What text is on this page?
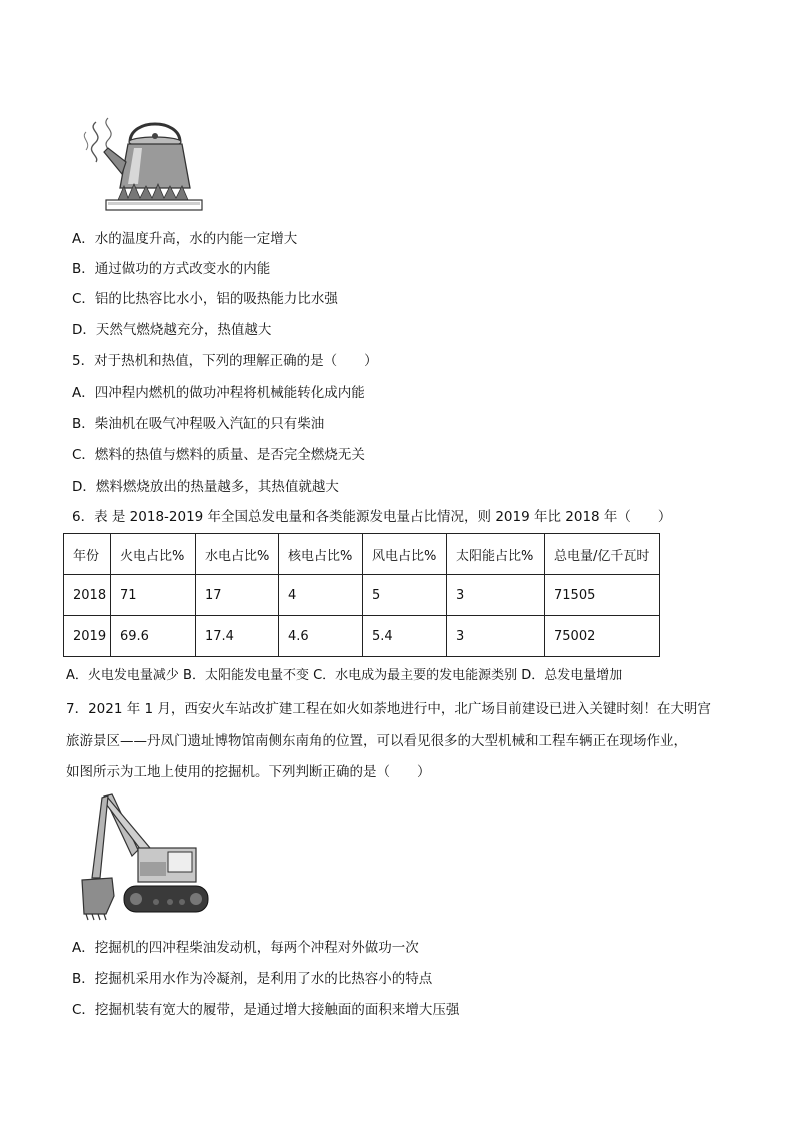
A．水的温度升高，水的内能一定增大
B．通过做功的方式改变水的内能
C．铝的比热容比水小，铝的吸热能力比水强
D．天然气燃烧越充分，热值越大
5．对于热机和热值，下列的理解正确的是（　　）
A．四冲程内燃机的做功冲程将机械能转化成内能
B．柴油机在吸气冲程吸入汽缸的只有柴油
C．燃料的热值与燃料的质量、是否完全燃烧无关
D．燃料燃烧放出的热量越多，其热值就越大
6．表 是 2018-2019 年全国总发电量和各类能源发电量占比情况，则 2019 年比 2018 年（　　）
年份	火电占比%	水电占比%	核电占比%	风电占比%	太阳能占比%	总电量/亿千瓦时
2018	71	17	4	5	3	71505
2019	69.6	17.4	4.6	5.4	3	75002
A．火电发电量减少 B．太阳能发电量不变 C．水电成为最主要的发电能源类别 D．总发电量增加
7．2021 年 1 月，西安火车站改扩建工程在如火如荼地进行中，北广场目前建设已进入关键时刻！在大明宫
旅游景区——丹凤门遗址博物馆南侧东南角的位置，可以看见很多的大型机械和工程车辆正在现场作业，
如图所示为工地上使用的挖掘机。下列判断正确的是（　　）
A．挖掘机的四冲程柴油发动机，每两个冲程对外做功一次
B．挖掘机采用水作为冷凝剂，是利用了水的比热容小的特点
C．挖掘机装有宽大的履带，是通过增大接触面的面积来增大压强
